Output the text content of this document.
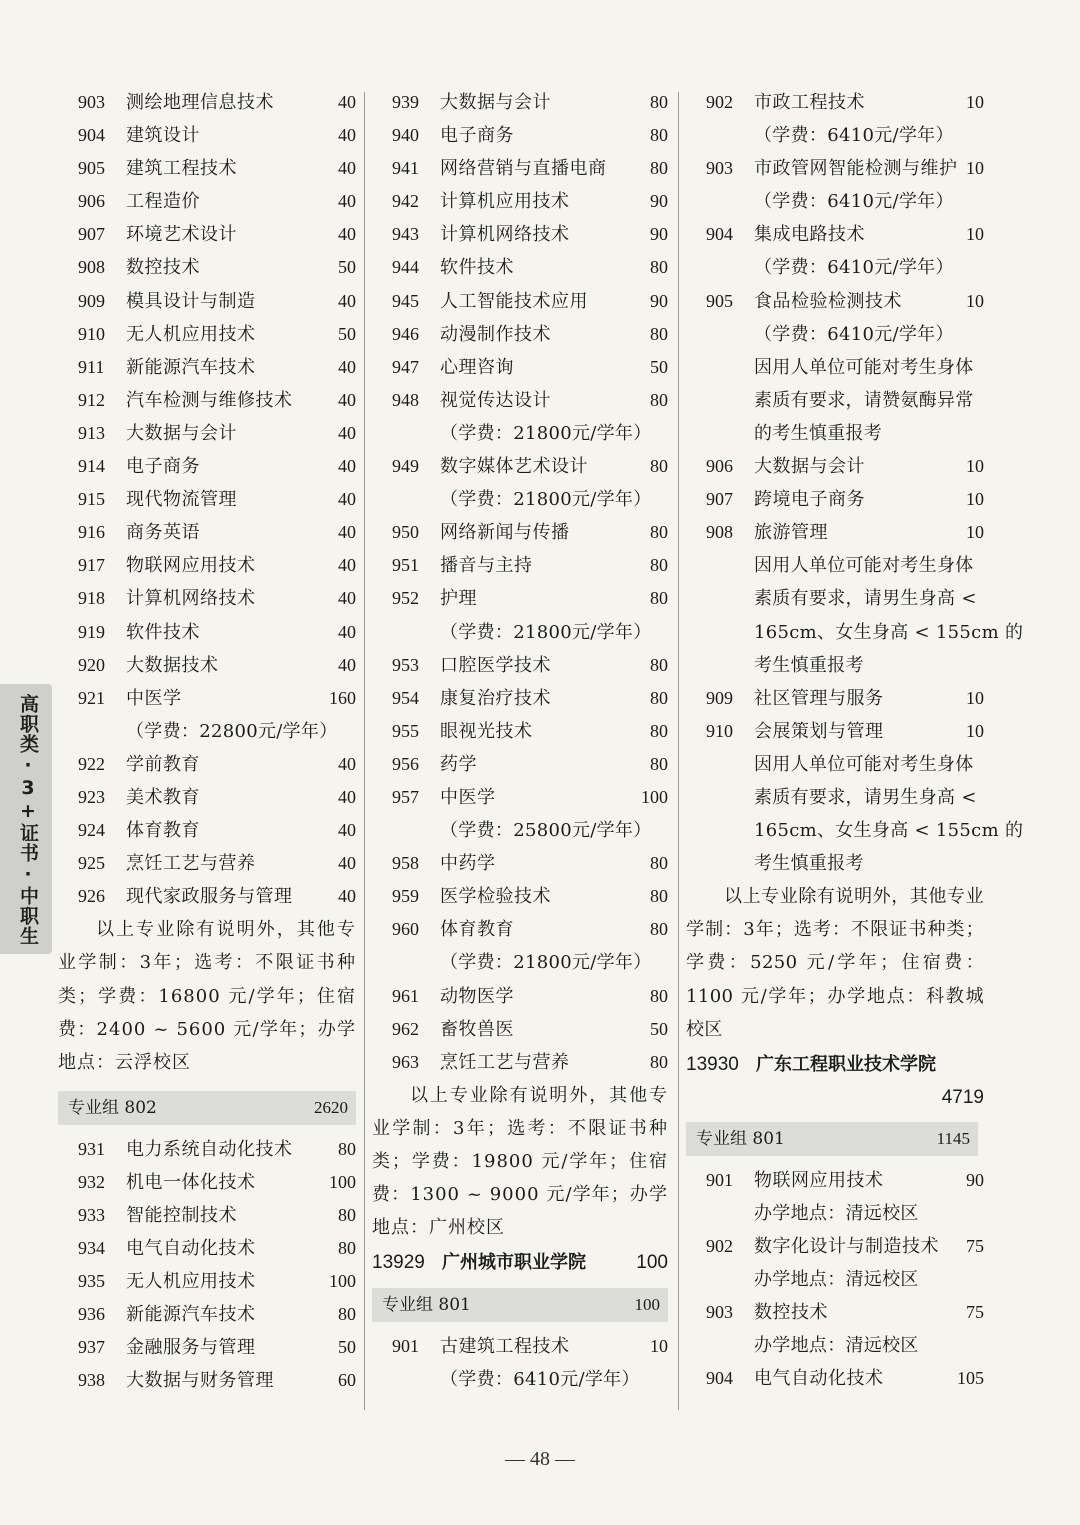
903 测绘地理信息技术	40
904 建筑设计	40
905 建筑工程技术	40
906 工程造价	40
907 环境艺术设计	40
908 数控技术	50
909 模具设计与制造	40
910 无人机应用技术	50
911 新能源汽车技术	40
912 汽车检测与维修技术	40
913 大数据与会计	40
914 电子商务	40
915 现代物流管理	40
916 商务英语	40
917 物联网应用技术	40
918 计算机网络技术	40
919 软件技术	40
920 大数据技术	40
921 中医学	160
（学费：22800元/学年）
922 学前教育	40
923 美术教育	40
924 体育教育	40
925 烹饪工艺与营养	40
926 现代家政服务与管理	40
以上专业除有说明外，其他专业学制：3年；选考：不限证书种类；学费：16800 元/学年；住宿费：2400 ~ 5600 元/学年；办学地点：云浮校区
专业组 802	2620
931 电力系统自动化技术	80
932 机电一体化技术	100
933 智能控制技术	80
934 电气自动化技术	80
935 无人机应用技术	100
936 新能源汽车技术	80
937 金融服务与管理	50
938 大数据与财务管理	60
939 大数据与会计	80
940 电子商务	80
941 网络营销与直播电商 80
942 计算机应用技术	90
943 计算机网络技术	90
944 软件技术	80
945 人工智能技术应用	90
946 动漫制作技术	80
947 心理咨询	50
948 视觉传达设计	80
（学费：21800元/学年）
949 数字媒体艺术设计	80
（学费：21800元/学年）
950 网络新闻与传播	80
951 播音与主持	80
952 护理	80
（学费：21800元/学年）
953 口腔医学技术	80
954 康复治疗技术	80
955 眼视光技术	80
956 药学	80
957 中医学	100
（学费：25800元/学年）
958 中药学	80
959 医学检验技术	80
960 体育教育	80
（学费：21800元/学年）
961 动物医学	80
962 畜牧兽医	50
963 烹饪工艺与营养	80
以上专业除有说明外，其他专业学制：3年；选考：不限证书种类；学费：19800 元/学年；住宿费：1300 ~ 9000 元/学年；办学地点：广州校区
13929 广州城市职业学院	100
专业组 801	100
901 古建筑工程技术	10
（学费：6410元/学年）
902 市政工程技术	10
（学费：6410元/学年）
903 市政管网智能检测与维护 10
（学费：6410元/学年）
904 集成电路技术	10
（学费：6410元/学年）
905 食品检验检测技术	10
（学费：6410元/学年）
因用人单位可能对考生身体
素质有要求，请赞氨酶异常
的考生慎重报考
906 大数据与会计	10
907 跨境电子商务	10
908 旅游管理	10
因用人单位可能对考生身体
素质有要求，请男生身高 <
165cm、女生身高 < 155cm 的
考生慎重报考
909 社区管理与服务	10
910 会展策划与管理	10
因用人单位可能对考生身体
素质有要求，请男生身高 <
165cm、女生身高 < 155cm 的
考生慎重报考
以上专业除有说明外，其他专业学制：3年；选考：不限证书种类；学费：5250 元/学年；住宿费：1100 元/学年；办学地点：科教城校区
13930 广东工程职业技术学院
4719
专业组 801	1145
901 物联网应用技术	90
办学地点：清远校区
902 数字化设计与制造技术 75
办学地点：清远校区
903 数控技术	75
办学地点：清远校区
904 电气自动化技术	105
高职类·3+证书·中职生
— 48 —
